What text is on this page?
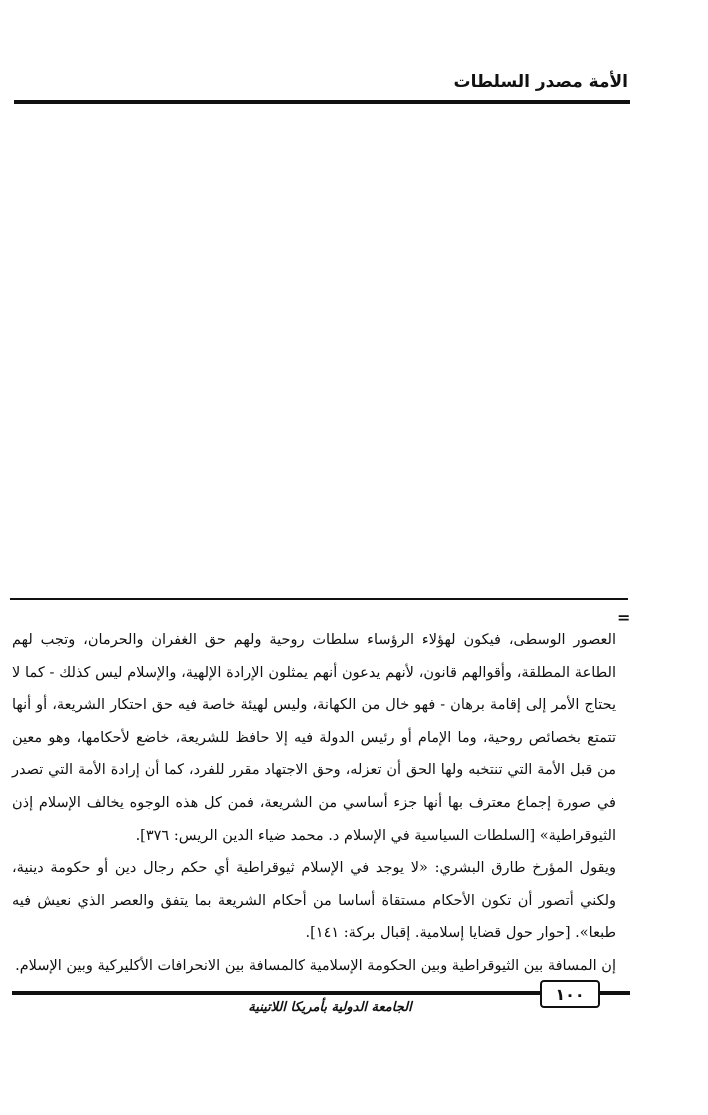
الأمة مصدر السلطات
=

العصور الوسطى، فيكون لهؤلاء الرؤساء سلطات روحية ولهم حق الغفران والحرمان، وتجب لهم الطاعة المطلقة، وأقوالهم قانون، لأنهم يدعون أنهم يمثلون الإرادة الإلهية، والإسلام ليس كذلك - كما لا يحتاج الأمر إلى إقامة برهان - فهو خال من الكهانة، وليس لهيئة خاصة فيه حق احتكار الشريعة، أو أنها تتمتع بخصائص روحية، وما الإمام أو رئيس الدولة فيه إلا حافظ للشريعة، خاضع لأحكامها، وهو معين من قبل الأمة التي تنتخبه ولها الحق أن تعزله، وحق الاجتهاد مقرر للفرد، كما أن إرادة الأمة التي تصدر في صورة إجماع معترف بها أنها جزء أساسي من الشريعة، فمن كل هذه الوجوه يخالف الإسلام إذن الثيوقراطية» [السلطات السياسية في الإسلام د. محمد ضياء الدين الريس: ٣٧٦].

ويقول المؤرخ طارق البشري: «لا يوجد في الإسلام ثيوقراطية أي حكم رجال دين أو حكومة دينية، ولكني أتصور أن تكون الأحكام مستقاة أساسا من أحكام الشريعة بما يتفق والعصر الذي نعيش فيه طبعا». [حوار حول قضايا إسلامية. إقبال بركة: ١٤١].

إن المسافة بين الثيوقراطية وبين الحكومة الإسلامية كالمسافة بين الانحرافات الأكليركية وبين الإسلام.

١٠٠
الجامعة الدولية بأمريكا اللاتينية
